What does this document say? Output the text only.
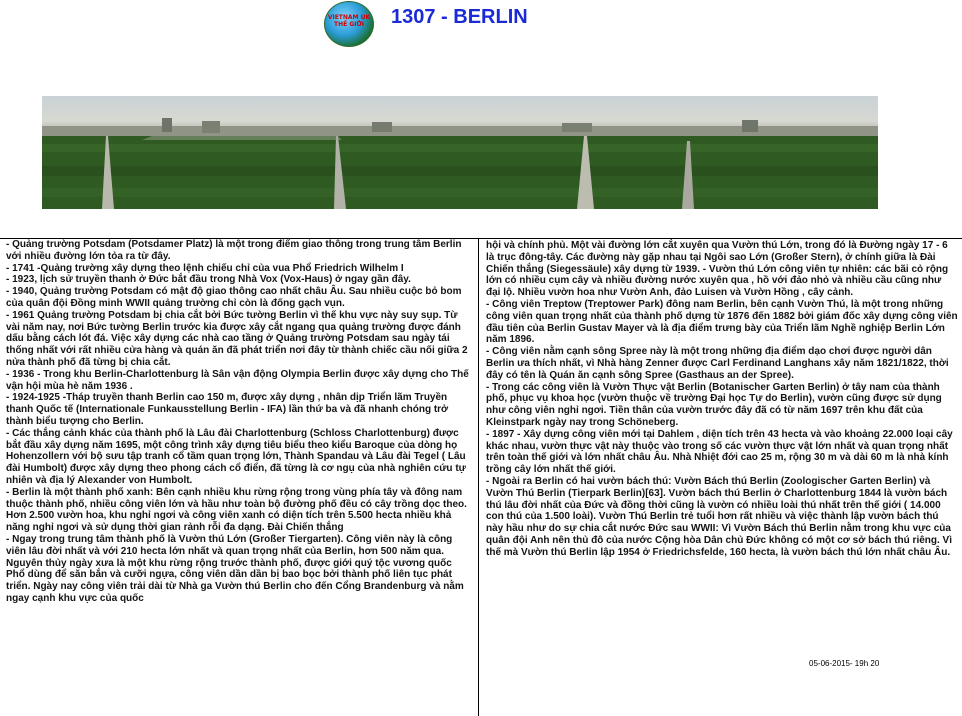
VIETNAM UK THẾ GIỚI	1307 - BERLIN

- Quảng trường Potsdam (Potsdamer Platz) là một trong điểm giao thông trong trung tâm Berlin với nhiều đường lớn tỏa ra từ đây.

- 1741 -Quảng trường xây dựng theo lệnh chiếu chỉ của vua Phổ Friedrich Wilhelm I

- 1923, lịch sử truyền thanh ở Đức bắt đầu trong Nhà Vox (Vox-Haus) ở ngay gần đây.

- 1940, Quảng trường Potsdam có mật độ giao thông cao nhất châu Âu. Sau nhiều cuộc bỏ bom của quân đội Đồng minh WWII quảng trường chỉ còn là đống gạch vụn.

- 1961 Quảng trường Potsdam bị chia cắt bởi Bức tường Berlin vì thế khu vực này suy sụp. Từ vài năm nay, nơi Bức tường Berlin trước kia được xây cắt ngang qua quảng trường được đánh dấu bằng cách lót đá. Việc xây dựng các nhà cao tầng ở Quảng trường Potsdam sau ngày tái thống nhất với rất nhiều cửa hàng và quán ăn đã phát triển nơi đây từ thành chiếc cầu nối giữa 2 nửa thành phố đã từng bị chia cắt.

- 1936 - Trong khu Berlin-Charlottenburg là Sân vận động Olympia Berlin được xây dựng cho Thế vận hội mùa hè năm 1936 .

- 1924-1925 -Tháp truyền thanh Berlin cao 150 m, được xây dựng , nhân dịp Triển lãm Truyền thanh Quốc tế (Internationale Funkausstellung Berlin - IFA) lần thứ ba và đã nhanh chóng trở thành biểu tượng cho Berlin.

- Các thắng cảnh khác của thành phố là Lâu đài Charlottenburg (Schloss Charlottenburg) được bắt đầu xây dựng năm 1695, một công trình xây dựng tiêu biểu theo kiểu Baroque của dòng họ Hohenzollern với bộ sưu tập tranh cổ tầm quan trọng lớn, Thành Spandau và Lâu đài Tegel ( Lâu đài Humbolt) được xây dựng theo phong cách cổ điển, đã từng là cơ ngụ của nhà nghiên cứu tự nhiên và địa lý Alexander von Humbolt.

- Berlin là một thành phố xanh: Bên cạnh nhiều khu rừng rộng trong vùng phía tây và đông nam thuộc thành phố, nhiều công viên lớn và hầu như toàn bộ đường phố đều có cây trồng dọc theo. Hơn 2.500 vườn hoa, khu nghỉ ngơi và công viên xanh có diện tích trên 5.500 hecta nhiều khả năng nghỉ ngơi và sử dụng thời gian rảnh rỗi đa dạng. Đài Chiến thắng

- Ngay trong trung tâm thành phố là Vườn thú Lớn (Großer Tiergarten). Công viên này là công viên lâu đời nhất và với 210 hecta lớn nhất và quan trọng nhất của Berlin, hơn 500 năm qua. Nguyên thủy ngày xưa là một khu rừng rộng trước thành phố, được giới quý tộc vương quốc Phổ dùng để săn bắn và cưỡi ngựa, công viên dần dần bị bao bọc bởi thành phố liên tục phát triển. Ngày nay công viên trải dài từ Nhà ga Vườn thú Berlin cho đến Cổng Brandenburg và nằm ngay cạnh khu vực của quốc

hội và chính phủ. Một vài đường lớn cắt xuyên qua Vườn thú Lớn, trong đó là Đường ngày 17 - 6 là trục đông-tây. Các đường này gặp nhau tại Ngôi sao Lớn (Großer Stern), ở chính giữa là Đài Chiến thắng (Siegessäule) xây dựng từ 1939. - Vườn thú Lớn công viên tự nhiên: các bãi cỏ rộng lớn có nhiều cụm cây và nhiều đường nước xuyên qua , hồ với đảo nhỏ và nhiều cầu cũng như đại lộ. Nhiều vườn hoa như Vườn Anh, đảo Luisen và Vườn Hồng , cây cảnh.

- Công viên Treptow (Treptower Park) đông nam Berlin, bên cạnh Vườn Thú, là một trong những công viên quan trọng nhất của thành phố dựng từ 1876 đến 1882 bởi giám đốc xây dựng công viên đầu tiên của Berlin Gustav Mayer và là địa điểm trưng bày của Triển lãm Nghề nghiệp Berlin Lớn năm 1896.

- Công viên nằm cạnh sông Spree này là một trong những địa điểm dạo chơi được người dân Berlin ưa thích nhất, vì Nhà hàng Zenner được Carl Ferdinand Langhans xây năm 1821/1822, thời đây có tên là Quán ăn cạnh sông Spree (Gasthaus an der Spree).

- Trong các công viên là Vườn Thực vật Berlin (Botanischer Garten Berlin) ở tây nam của thành phố, phục vụ khoa học (vườn thuộc về trường Đại học Tự do Berlin), vườn cũng được sử dụng như công viên nghỉ ngơi. Tiền thân của vườn trước đây đã có từ năm 1697 trên khu đất của Kleinstpark ngày nay trong Schöneberg.

- 1897 - Xây dựng công viên mới tại Dahlem , diện tích trên 43 hecta và vào khoảng 22.000 loại cây khác nhau, vườn thực vật này thuộc vào trong số các vườn thực vật lớn nhất và quan trọng nhất trên toàn thế giới và lớn nhất châu Âu. Nhà Nhiệt đới cao 25 m, rộng 30 m và dài 60 m là nhà kính trồng cây lớn nhất thế giới.

- Ngoài ra Berlin có hai vườn bách thú: Vườn Bách thú Berlin (Zoologischer Garten Berlin) và Vườn Thú Berlin (Tierpark Berlin)[63]. Vườn bách thú Berlin ở Charlottenburg 1844 là vườn bách thú lâu đời nhất của Đức và đồng thời cũng là vườn có nhiều loài thú nhất trên thế giới ( 14.000 con thú của 1.500 loài). Vườn Thú Berlin trẻ tuổi hơn rất nhiều và việc thành lập vườn bách thú này hầu như do sự chia cắt nước Đức sau WWII: Vì Vườn Bách thú Berlin nằm trong khu vực của quân đội Anh nên thủ đô của nước Cộng hòa Dân chủ Đức không có một cơ sở bách thú riêng. Vì thế mà Vườn thú Berlin lập 1954 ở Friedrichsfelde, 160 hecta, là vườn bách thú lớn nhất châu Âu.

05-06-2015- 19h 20
